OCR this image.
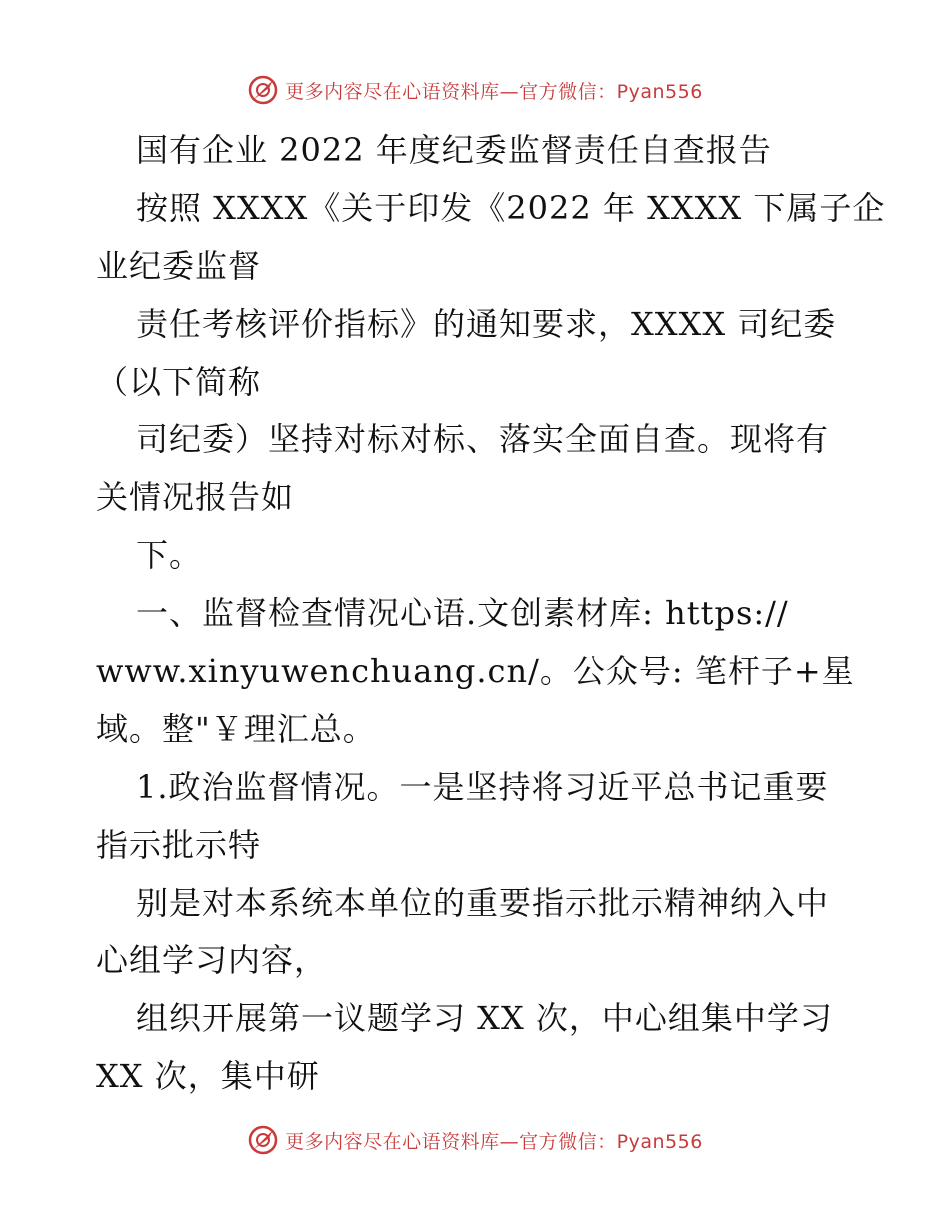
更多内容尽在心语资料库—官方微信：Pyan556
国有企业 2022 年度纪委监督责任自查报告
按照 XXXX《关于印发《2022 年 XXXX 下属子企
业纪委监督
责任考核评价指标》的通知要求，XXXX 司纪委
（以下简称
司纪委）坚持对标对标、落实全面自查。现将有
关情况报告如
下。
一、监督检查情况心语.文创素材库: https://
www.xinyuwenchuang.cn/。公众号: 笔杆子+星
域。整"￥理汇总。
1.政治监督情况。一是坚持将习近平总书记重要
指示批示特
别是对本系统本单位的重要指示批示精神纳入中
心组学习内容，
组织开展第一议题学习 XX 次，中心组集中学习
XX 次，集中研
更多内容尽在心语资料库—官方微信：Pyan556
